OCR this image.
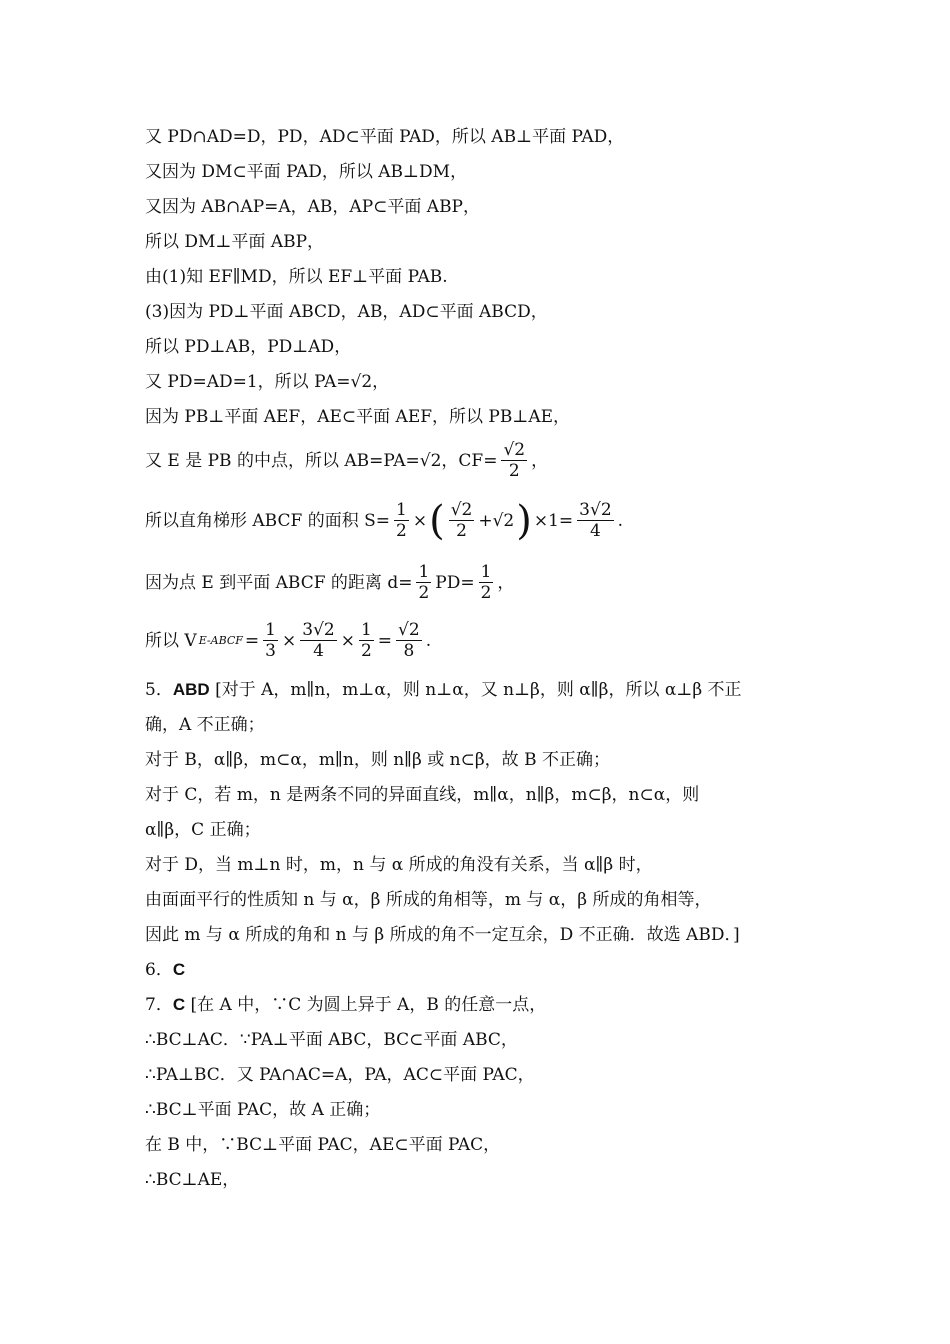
又 PD∩AD=D，PD，AD⊂平面 PAD，所以 AB⊥平面 PAD，
又因为 DM⊂平面 PAD，所以 AB⊥DM，
又因为 AB∩AP=A，AB，AP⊂平面 ABP，
所以 DM⊥平面 ABP，
由(1)知 EF∥MD，所以 EF⊥平面 PAB.
(3)因为 PD⊥平面 ABCD，AB，AD⊂平面 ABCD，
所以 PD⊥AB，PD⊥AD，
又 PD=AD=1，所以 PA=√2，
因为 PB⊥平面 AEF，AE⊂平面 AEF，所以 PB⊥AE，
又 E 是 PB 的中点，所以 AB=PA=√2，$CF= \frac{√2}{2}$ ，
所以直角梯形 ABCF 的面积 $S= \frac{1}{2}$ × ( $\frac{√2}{2} +√2$ ) $\times 1= \frac{3√2}{4}$ .
因为点 E 到平面 ABCF 的距离 $d= \frac{1}{2} PD= \frac{1}{2}$ ，
所以 V E-ABCF = $\frac{1}{3} \times \frac{3√2}{4} \times \frac{1}{2} = \frac{√2}{8}$ .
5．ABD [对于 A，m∥n，m⊥α，则 n⊥α，又 n⊥β，则 α∥β，所以 α⊥β 不正
确，A 不正确；
对于 B，α∥β，m⊂α，m∥n，则 n∥β 或 n⊂β，故 B 不正确；
对于 C，若 m，n 是两条不同的异面直线，m∥α，n∥β，m⊂β，n⊂α，则
α∥β，C 正确；
对于 D，当 m⊥n 时，m，n 与 α 所成的角没有关系，当 α∥β 时，
由面面平行的性质知 n 与 α，β 所成的角相等，m 与 α，β 所成的角相等，
因此 m 与 α 所成的角和 n 与 β 所成的角不一定互余，D 不正确．故选 ABD．]
6．C
7．C [在 A 中，∵C 为圆上异于 A，B 的任意一点，
∴BC⊥AC．∵PA⊥平面 ABC，BC⊂平面 ABC，
∴PA⊥BC．又 PA∩AC=A，PA，AC⊂平面 PAC，
∴BC⊥平面 PAC，故 A 正确；
在 B 中，∵BC⊥平面 PAC，AE⊂平面 PAC，
∴BC⊥AE，
